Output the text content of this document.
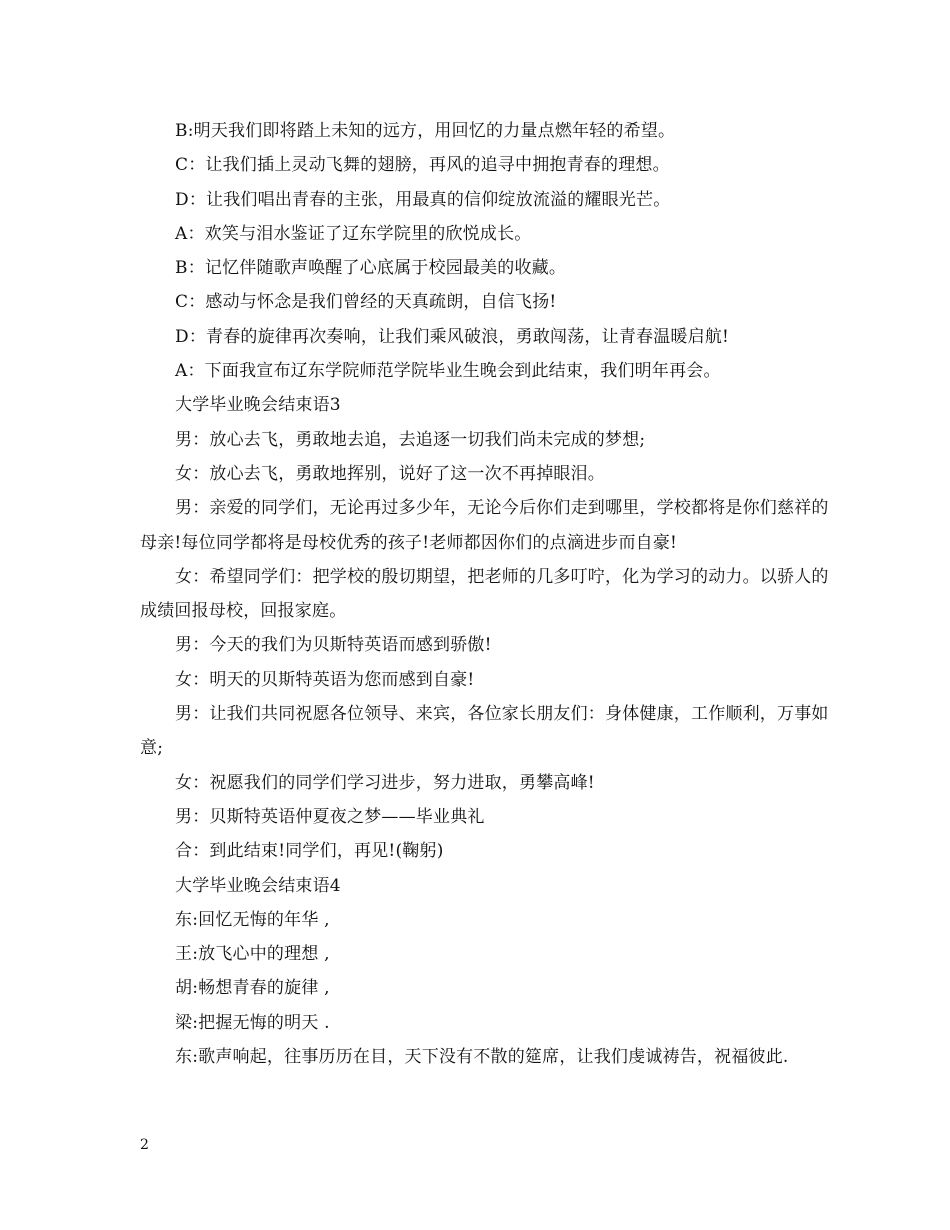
B:明天我们即将踏上未知的远方，用回忆的力量点燃年轻的希望。

C：让我们插上灵动飞舞的翅膀，再风的追寻中拥抱青春的理想。

D：让我们唱出青春的主张，用最真的信仰绽放流溢的耀眼光芒。

A：欢笑与泪水鉴证了辽东学院里的欣悦成长。

B：记忆伴随歌声唤醒了心底属于校园最美的收藏。

C：感动与怀念是我们曾经的天真疏朗，自信飞扬!

D：青春的旋律再次奏响，让我们乘风破浪，勇敢闯荡，让青春温暖启航!

A：下面我宣布辽东学院师范学院毕业生晚会到此结束，我们明年再会。

大学毕业晚会结束语3

男：放心去飞，勇敢地去追，去追逐一切我们尚未完成的梦想;

女：放心去飞，勇敢地挥别，说好了这一次不再掉眼泪。

男：亲爱的同学们，无论再过多少年，无论今后你们走到哪里，学校都将是你们慈祥的母亲!每位同学都将是母校优秀的孩子!老师都因你们的点滴进步而自豪!

女：希望同学们：把学校的殷切期望，把老师的几多叮咛，化为学习的动力。以骄人的成绩回报母校，回报家庭。

男：今天的我们为贝斯特英语而感到骄傲!

女：明天的贝斯特英语为您而感到自豪!

男：让我们共同祝愿各位领导、来宾，各位家长朋友们：身体健康，工作顺利，万事如意;

女：祝愿我们的同学们学习进步，努力进取，勇攀高峰!

男：贝斯特英语仲夏夜之梦——毕业典礼

合：到此结束!同学们，再见!(鞠躬)

大学毕业晚会结束语4

东:回忆无悔的年华 ,

王:放飞心中的理想 ,

胡:畅想青春的旋律 ,

梁:把握无悔的明天 .

东:歌声响起，往事历历在目，天下没有不散的筵席，让我们虔诚祷告，祝福彼此.

2
